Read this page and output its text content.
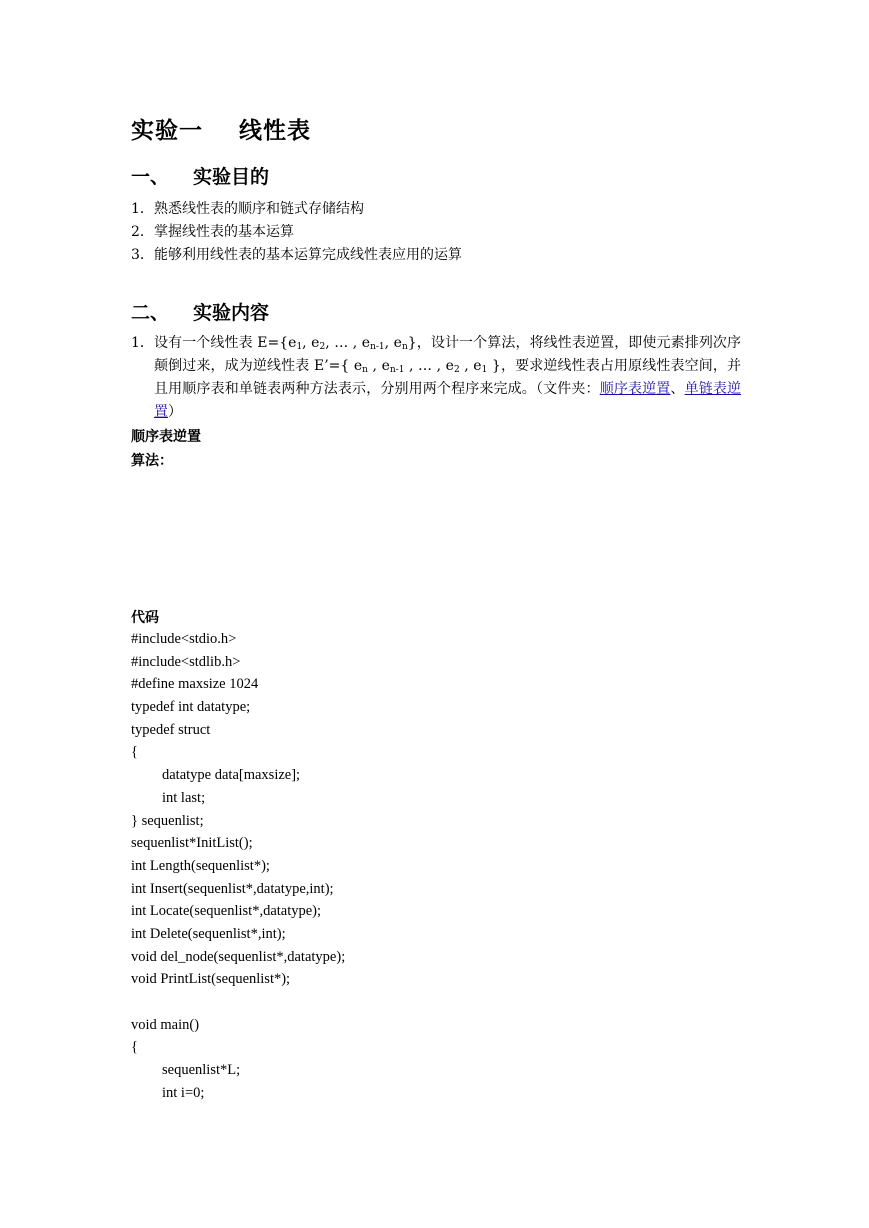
实验一    线性表
一、 实验目的
1．熟悉线性表的顺序和链式存储结构
2．掌握线性表的基本运算
3．能够利用线性表的基本运算完成线性表应用的运算
二、 实验内容
1． 设有一个线性表 $E=\{e_1$, $e_2$, … , $e_{n-1}$, $e_n$}，设计一个算法，将线性表逆置，即使元素排列次序颠倒过来，成为逆线性表 E’={ $e_n$ , $e_{n-1}$ , … , $e_2$ , $e_1$ }，要求逆线性表占用原线性表空间，并且用顺序表和单链表两种方法表示，分别用两个程序来完成。（文件夹：顺序表逆置、单链表逆置）
顺序表逆置
算法：
代码
#include<stdio.h>
#include<stdlib.h>
#define maxsize 1024
typedef int datatype;
typedef struct
{
datatype data[maxsize];
int last;
} sequenlist;
sequenlist*InitList();
int Length(sequenlist*);
int Insert(sequenlist*,datatype,int);
int Locate(sequenlist*,datatype);
int Delete(sequenlist*,int);
void del_node(sequenlist*,datatype);
void PrintList(sequenlist*);
void main()
{
sequenlist*L;
int i=0;
